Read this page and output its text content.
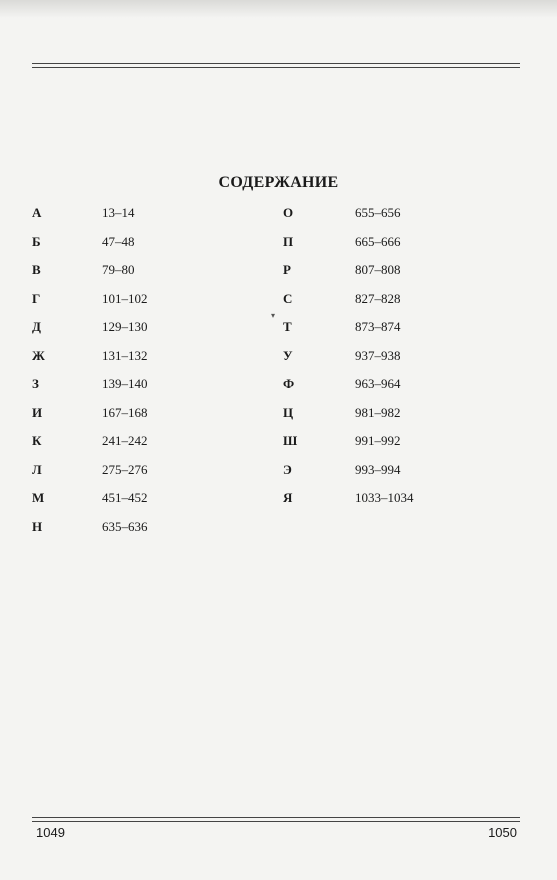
СОДЕРЖАНИЕ
▾
А	13–14
Б	47–48
В	79–80
Г	101–102
Д	129–130
Ж	131–132
З	139–140
И	167–168
К	241–242
Л	275–276
М	451–452
Н	635–636
О	655–656
П	665–666
Р	807–808
С	827–828
Т	873–874
У	937–938
Ф	963–964
Ц	981–982
Ш	991–992
Э	993–994
Я	1033–1034
1049	1050
